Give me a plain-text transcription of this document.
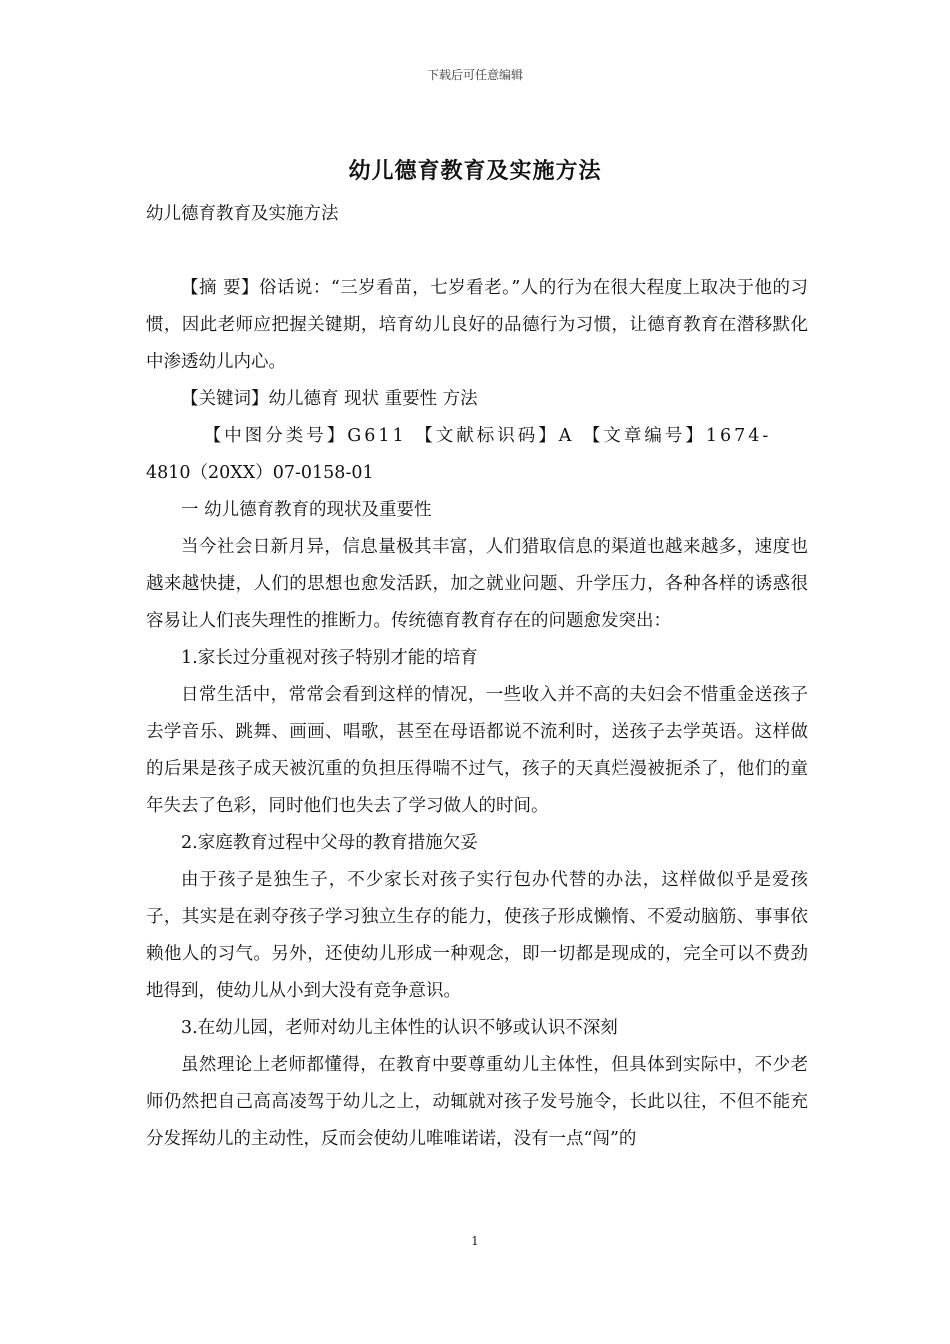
下载后可任意编辑
幼儿德育教育及实施方法

幼儿德育教育及实施方法

【摘 要】俗话说：“三岁看苗，七岁看老。”人的行为在很大程度上取决于他的习惯，因此老师应把握关键期，培育幼儿良好的品德行为习惯，让德育教育在潜移默化中渗透幼儿内心。

【关键词】幼儿德育 现状 重要性 方法

【中图分类号】G611 【文献标识码】A 【文章编号】1674-

4810（20XX）07-0158-01

一 幼儿德育教育的现状及重要性

当今社会日新月异，信息量极其丰富，人们猎取信息的渠道也越来越多，速度也越来越快捷，人们的思想也愈发活跃，加之就业问题、升学压力，各种各样的诱惑很容易让人们丧失理性的推断力。传统德育教育存在的问题愈发突出：

1.家长过分重视对孩子特别才能的培育

日常生活中，常常会看到这样的情况，一些收入并不高的夫妇会不惜重金送孩子去学音乐、跳舞、画画、唱歌，甚至在母语都说不流利时，送孩子去学英语。这样做的后果是孩子成天被沉重的负担压得喘不过气，孩子的天真烂漫被扼杀了，他们的童年失去了色彩，同时他们也失去了学习做人的时间。

2.家庭教育过程中父母的教育措施欠妥

由于孩子是独生子，不少家长对孩子实行包办代替的办法，这样做似乎是爱孩子，其实是在剥夺孩子学习独立生存的能力，使孩子形成懒惰、不爱动脑筋、事事依赖他人的习气。另外，还使幼儿形成一种观念，即一切都是现成的，完全可以不费劲地得到，使幼儿从小到大没有竞争意识。

3.在幼儿园，老师对幼儿主体性的认识不够或认识不深刻

虽然理论上老师都懂得，在教育中要尊重幼儿主体性，但具体到实际中，不少老师仍然把自己高高凌驾于幼儿之上，动辄就对孩子发号施令，长此以往，不但不能充分发挥幼儿的主动性，反而会使幼儿唯唯诺诺，没有一点“闯”的

1
